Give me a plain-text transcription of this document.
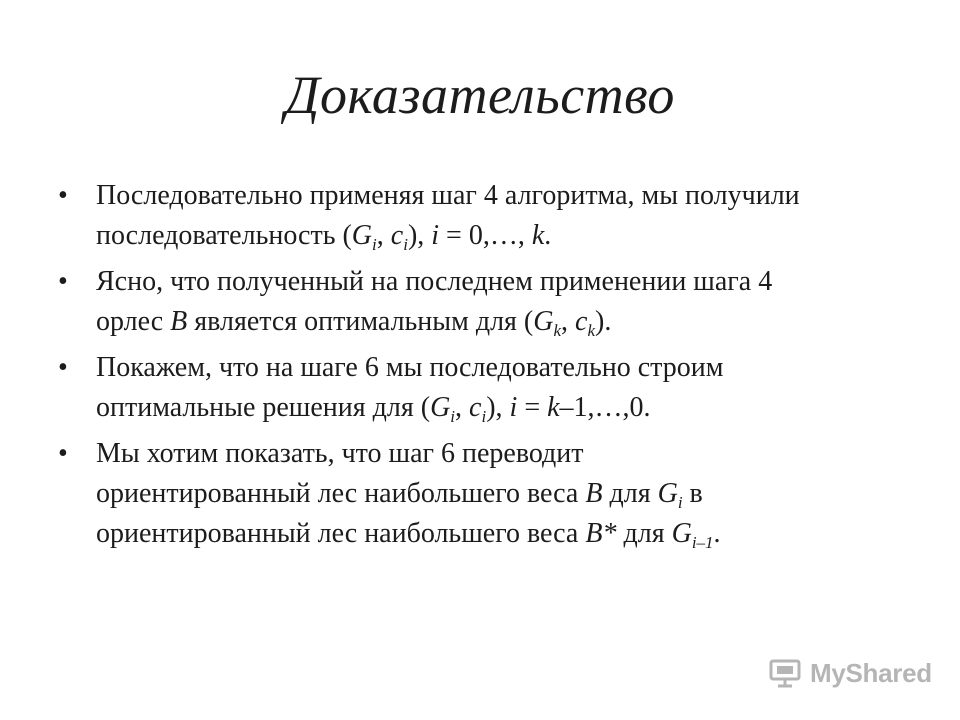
Доказательство
• Последовательно применяя шаг 4 алгоритма, мы получили
последовательность ($G_i$, $c_i$), i = 0,…, k.
• Ясно, что полученный на последнем применении шага 4
орлес B является оптимальным для ($G_k$, $c_k$).
• Покажем, что на шаге 6 мы последовательно строим
оптимальные решения для ($G_i$, $c_i$), i = k–1,…,0.
• Мы хотим показать, что шаг 6 переводит
ориентированный лес наибольшего веса B для $G_i$ в
ориентированный лес наибольшего веса B* для $G_{i-1}$.
MyShared
